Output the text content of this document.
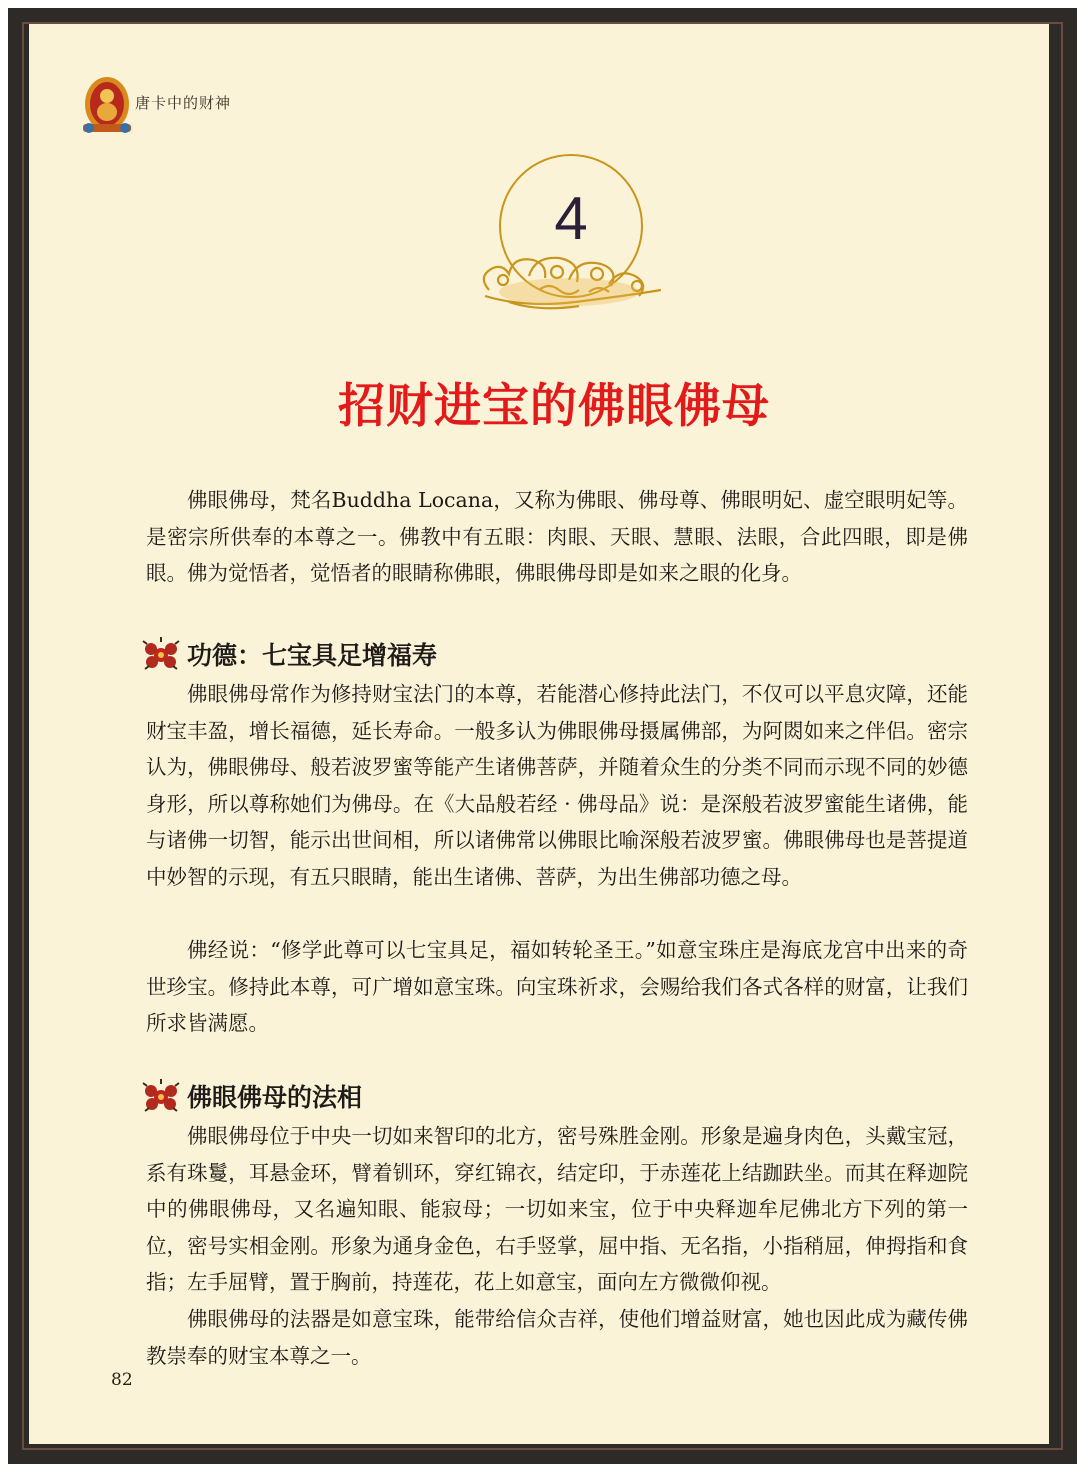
唐卡中的财神
4
招财进宝的佛眼佛母

佛眼佛母，梵名Buddha Locana，又称为佛眼、佛母尊、佛眼明妃、虚空眼明妃等。是密宗所供奉的本尊之一。佛教中有五眼：肉眼、天眼、慧眼、法眼，合此四眼，即是佛眼。佛为觉悟者，觉悟者的眼睛称佛眼，佛眼佛母即是如来之眼的化身。

功德：七宝具足增福寿

佛眼佛母常作为修持财宝法门的本尊，若能潜心修持此法门，不仅可以平息灾障，还能财宝丰盈，增长福德，延长寿命。一般多认为佛眼佛母摄属佛部，为阿閦如来之伴侣。密宗认为，佛眼佛母、般若波罗蜜等能产生诸佛菩萨，并随着众生的分类不同而示现不同的妙德身形，所以尊称她们为佛母。在《大品般若经 · 佛母品》说：是深般若波罗蜜能生诸佛，能与诸佛一切智，能示出世间相，所以诸佛常以佛眼比喻深般若波罗蜜。佛眼佛母也是菩提道中妙智的示现，有五只眼睛，能出生诸佛、菩萨，为出生佛部功德之母。

佛经说：“修学此尊可以七宝具足，福如转轮圣王。”如意宝珠庄是海底龙宫中出来的奇世珍宝。修持此本尊，可广增如意宝珠。向宝珠祈求，会赐给我们各式各样的财富，让我们所求皆满愿。

佛眼佛母的法相

佛眼佛母位于中央一切如来智印的北方，密号殊胜金刚。形象是遍身肉色，头戴宝冠，系有珠鬘，耳悬金环，臂着钏环，穿红锦衣，结定印，于赤莲花上结跏趺坐。而其在释迦院中的佛眼佛母，又名遍知眼、能寂母；一切如来宝，位于中央释迦牟尼佛北方下列的第一位，密号实相金刚。形象为通身金色，右手竖掌，屈中指、无名指，小指稍屈，伸拇指和食指；左手屈臂，置于胸前，持莲花，花上如意宝，面向左方微微仰视。

佛眼佛母的法器是如意宝珠，能带给信众吉祥，使他们增益财富，她也因此成为藏传佛教崇奉的财宝本尊之一。

82
